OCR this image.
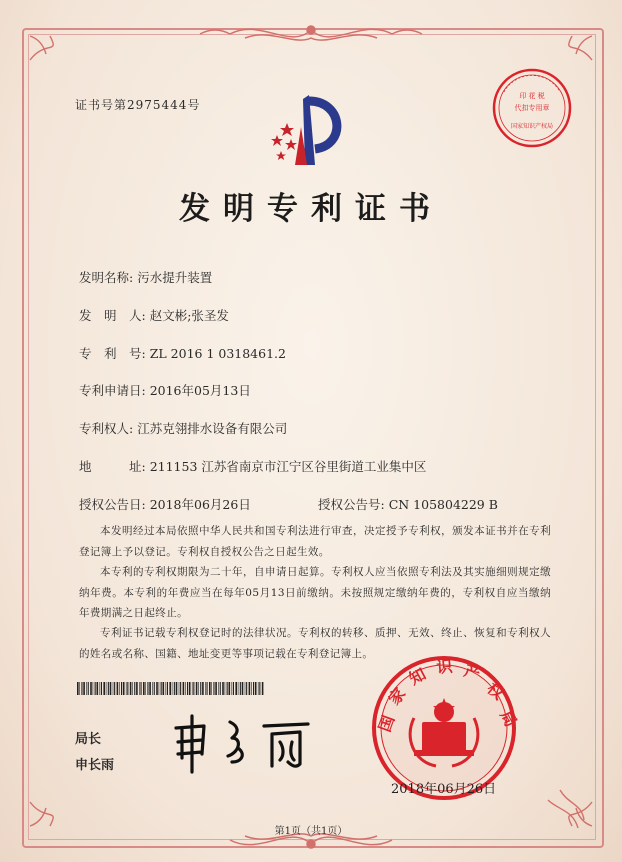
印 花 税
代扣专用章
国家知识产权局
国
家
知 识 产
权
局
证书号第2975444号
发明专利证书
发明名称: 污水提升装置
发　明　人: 赵文彬;张圣发
专　利　号: ZL 2016 1 0318461.2
专利申请日: 2016年05月13日
专利权人: 江苏克翎排水设备有限公司
地　　　址: 211153 江苏省南京市江宁区谷里街道工业集中区
授权公告日: 2018年06月26日	授权公告号: CN 105804229 B
本发明经过本局依照中华人民共和国专利法进行审查，决定授予专利权，颁发本证书并在专利登记簿上予以登记。专利权自授权公告之日起生效。
本专利的专利权期限为二十年，自申请日起算。专利权人应当依照专利法及其实施细则规定缴纳年费。本专利的年费应当在每年05月13日前缴纳。未按照规定缴纳年费的，专利权自应当缴纳年费期满之日起终止。
专利证书记载专利权登记时的法律状况。专利权的转移、质押、无效、终止、恢复和专利权人的姓名或名称、国籍、地址变更等事项记载在专利登记簿上。
局长
申长雨
2018年06月26日
第1页（共1页）
